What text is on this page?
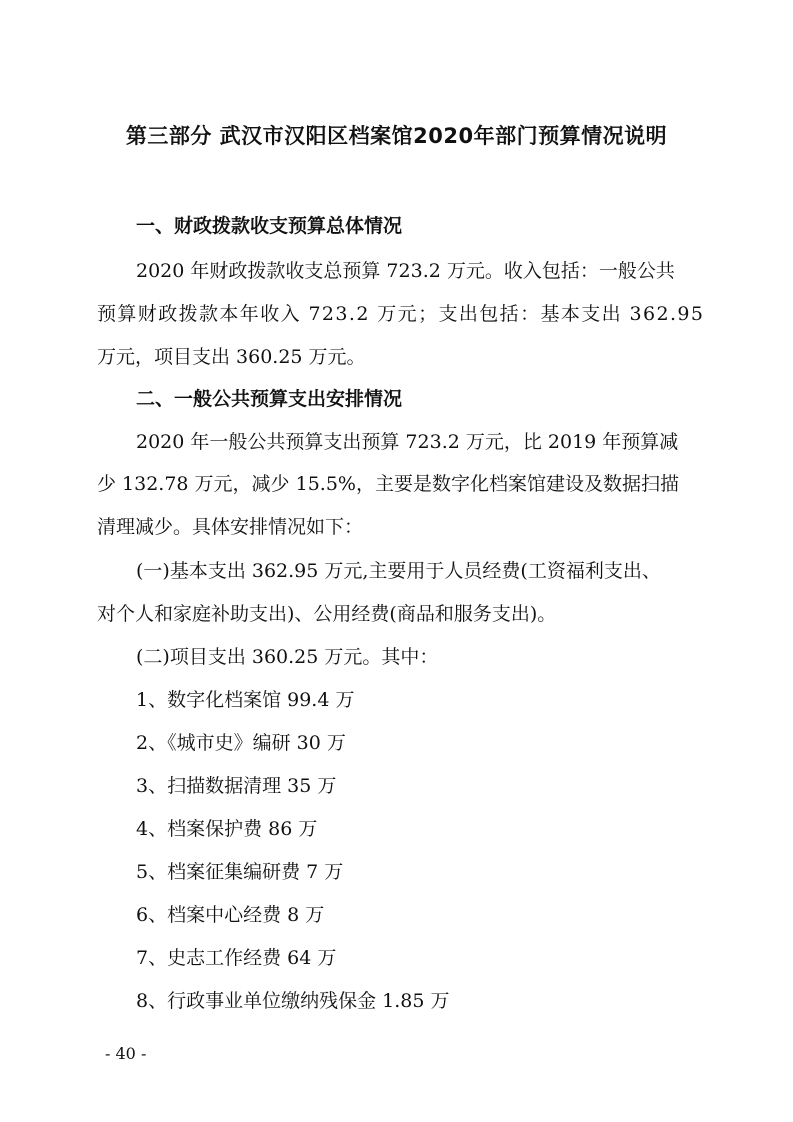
第三部分 武汉市汉阳区档案馆2020年部门预算情况说明
一、财政拨款收支预算总体情况
2020 年财政拨款收支总预算 723.2 万元。收入包括：一般公共
预算财政拨款本年收入 723.2 万元；支出包括：基本支出 362.95
万元，项目支出 360.25 万元。
二、一般公共预算支出安排情况
2020 年一般公共预算支出预算 723.2 万元，比 2019 年预算减
少 132.78 万元，减少 15.5%，主要是数字化档案馆建设及数据扫描
清理减少。具体安排情况如下：
(一)基本支出 362.95 万元,主要用于人员经费(工资福利支出、
对个人和家庭补助支出)、公用经费(商品和服务支出)。
(二)项目支出 360.25 万元。其中：
1、数字化档案馆 99.4 万
2、《城市史》编研 30 万
3、扫描数据清理 35 万
4、档案保护费 86 万
5、档案征集编研费 7 万
6、档案中心经费 8 万
7、史志工作经费 64 万
8、行政事业单位缴纳残保金 1.85 万
- 40 -
